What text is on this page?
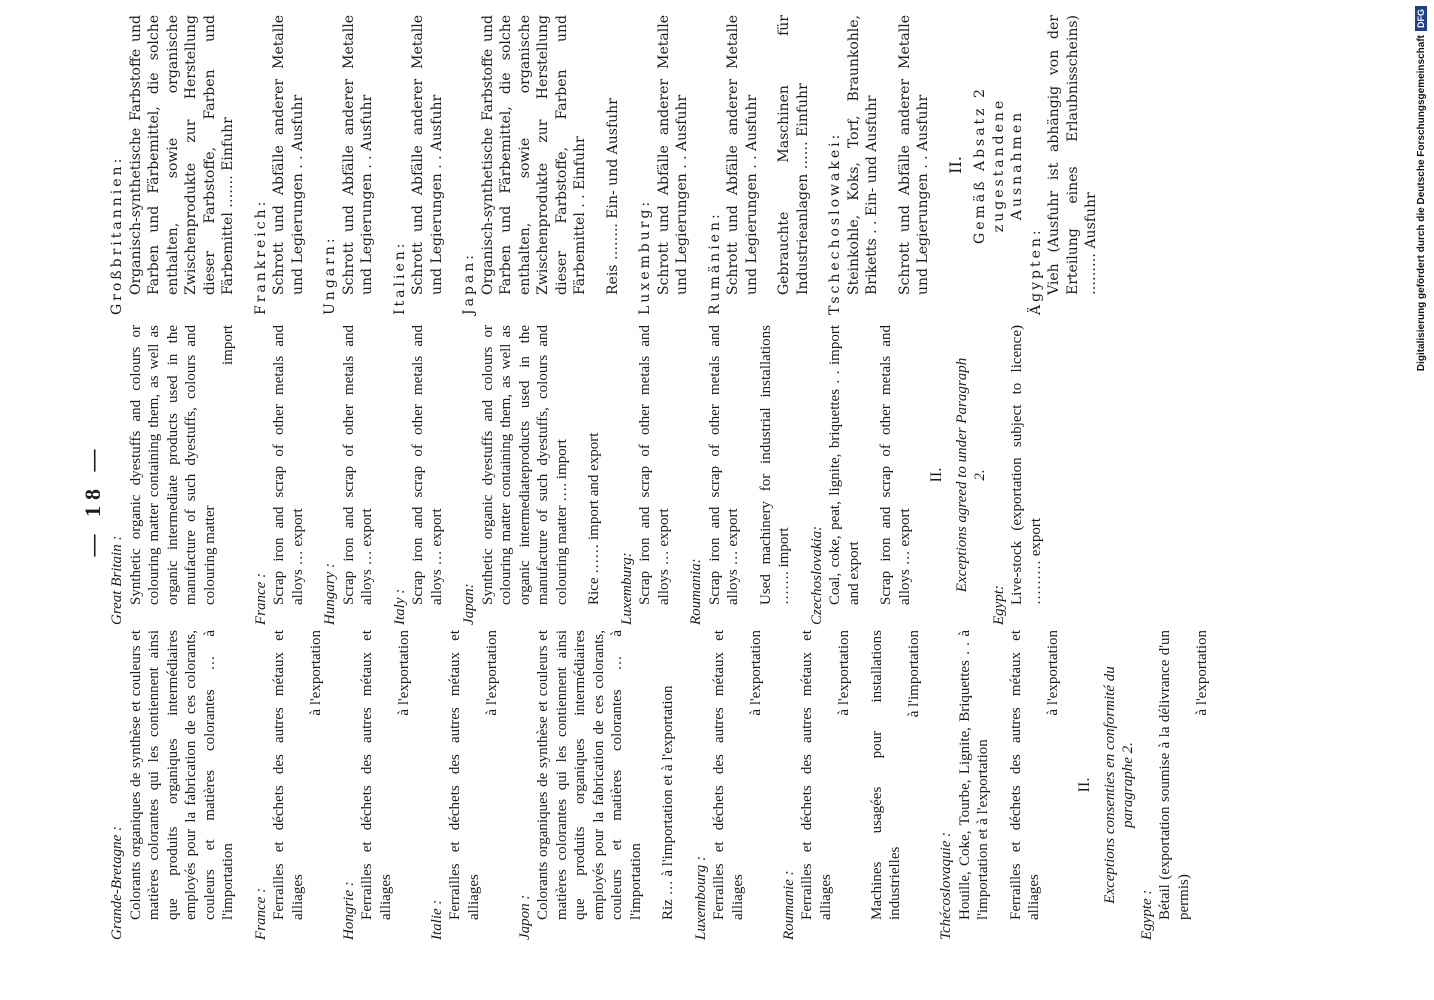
— 18 —
Grande-Bretagne : Colorants organiques de synthèse et couleurs et matières colorantes qui les contiennent ainsi que produits organiques intermédiaires employés pour la fabrication de ces colorants, couleurs et matières colorantes … à l'importation France : Ferrailles et déchets des autres métaux et alliages
à l'exportation
Hongrie : Ferrailles et déchets des autres métaux et alliages
à l'exportation
Italie : Ferrailles et déchets des autres métaux et alliages
à l'exportation
Japon : Colorants organiques de synthèse et couleurs et matières colorantes qui les contiennent ainsi que produits organiques intermédiaires employés pour la fabrication de ces colorants, couleurs et matières colorantes … à l'importation Riz … à l'importation et à l'exportation Luxembourg : Ferrailles et déchets des autres métaux et alliages
à l'exportation
Roumanie : Ferrailles et déchets des autres métaux et alliages
à l'exportation Machines usagées pour installations industrielles
à l'importation
Tchécoslovaquie : Houille, Coke, Tourbe, Lignite, Briquettes . . à l'importation et à l'exportation Ferrailles et déchets des autres métaux et alliages
à l'exportation
II. Exceptions consenties en conformité du paragraphe 2.
Egypte : Bétail (exportation soumise à la délivrance d'un permis)
à l'exportation
Great Britain : Synthetic organic dyestuffs and colours or colouring matter containing them, as well as organic intermediate products used in the manufacture of such dyestuffs, colours and colouring matter
import
France : Scrap iron and scrap of other metals and alloys … export Hungary : Scrap iron and scrap of other metals and alloys … export
Italy :
Scrap iron and scrap of other metals and alloys … export Japan: Synthetic organic dyestuffs and colours or colouring matter containing them, as well as organic intermediateproducts used in the manufacture of such dyestuffs, colours and colouring matter …. import Rice …… import and export Luxemburg: Scrap iron and scrap of other metals and alloys … export Roumania: Scrap iron and scrap of other metals and alloys … export Used machinery for industrial installations ……. import Czechoslovakia: Coal, coke, peat, lignite, briquettes . . import and export Scrap iron and scrap of other metals and alloys … export
II. Exceptions agreed to under Paragraph 2.
Egypt:
Live-stock (exportation subject to licence) ……… export
Großbritannien: Organisch-synthetische Farbstoffe und Farben und Färbemittel, die solche enthalten, sowie organische Zwischenprodukte zur Herstellung dieser Farbstoffe, Farben und Färbemittel ……. Einfuhr Frankreich: Schrott und Abfälle anderer Metalle und Legierungen . . Ausfuhr Ungarn: Schrott und Abfälle anderer Metalle und Legierungen . . Ausfuhr Italien: Schrott und Abfälle anderer Metalle und Legierungen . . Ausfuhr Japan: Organisch-synthetische Farbstoffe und Farben und Färbemittel, die solche enthalten, sowie organische Zwischenprodukte zur Herstellung dieser Farbstoffe, Farben und Färbemittel . . Einfuhr Reis …….. Ein- und Ausfuhr Luxemburg: Schrott und Abfälle anderer Metalle und Legierungen . . Ausfuhr Rumänien: Schrott und Abfälle anderer Metalle und Legierungen . . Ausfuhr Gebrauchte Maschinen für Industrieanlagen …… Einfuhr Tschechoslowakei: Steinkohle, Koks, Torf, Braunkohle, Briketts . . Ein- und Ausfuhr Schrott und Abfälle anderer Metalle und Legierungen . . Ausfuhr II. Gemäß Absatz 2 zugestandene Ausnahmen
Ägypten: Vieh (Ausfuhr ist abhängig von der Erteilung eines Erlaubnisscheins) ……… Ausfuhr	Digitalisierung gefördert durch die Deutsche ForschungsgemeinschaftDFG
